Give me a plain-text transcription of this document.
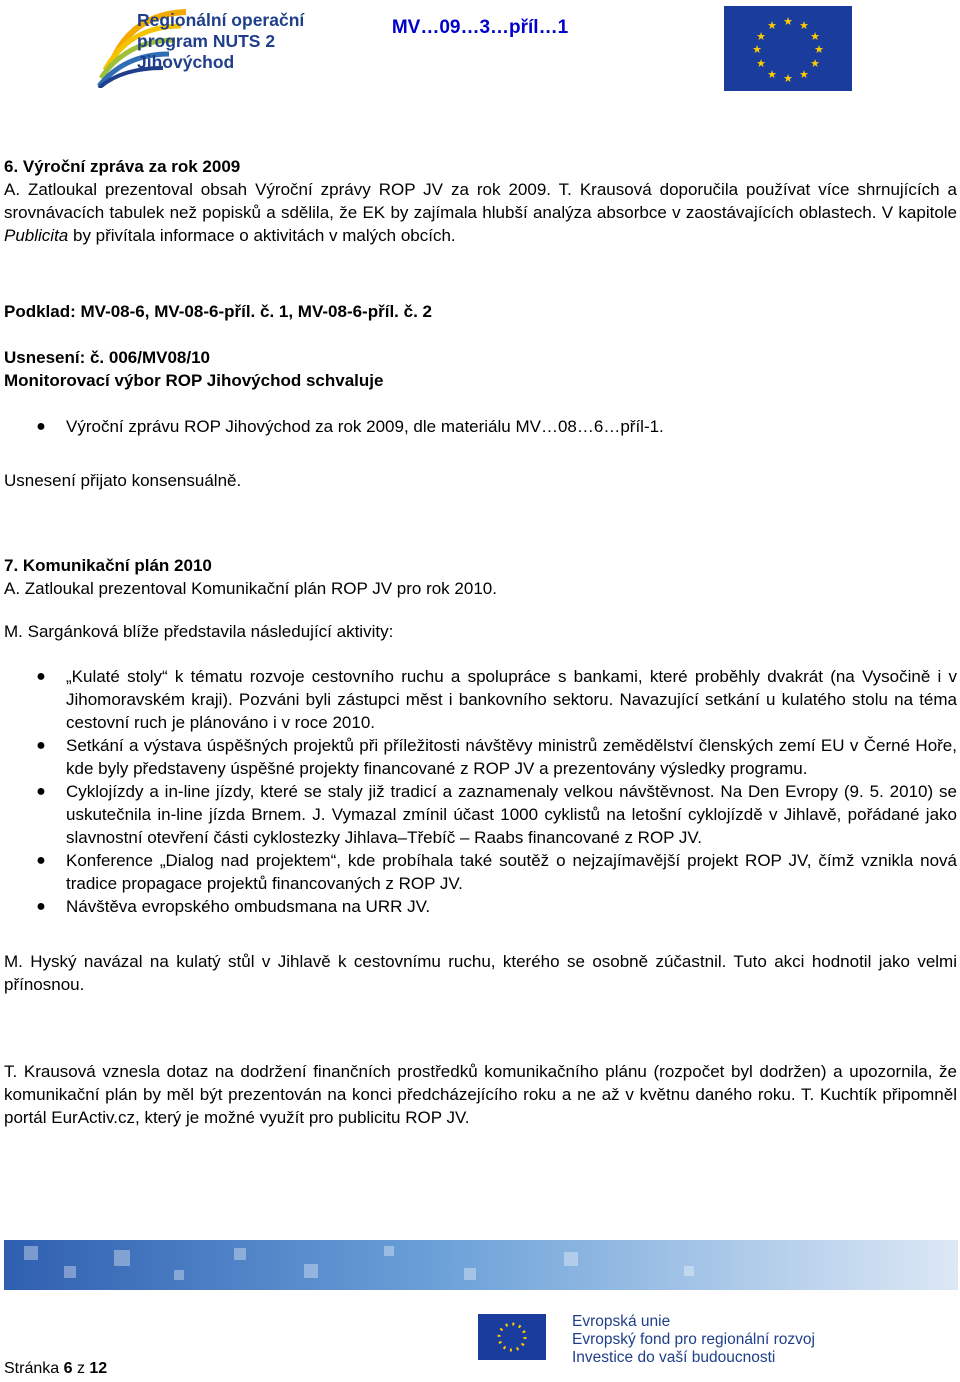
Regionální operační
program NUTS 2
Jihovýchod
MV…09…3…příl…1	★ ★
★
★
★
★
★
★
★
★
★
★

6. Výroční zpráva za rok 2009

A. Zatloukal prezentoval obsah Výroční zprávy ROP JV za rok 2009. T. Krausová doporučila používat více shrnujících a srovnávacích tabulek než popisků a sdělila, že EK by zajímala hlubší analýza absorbce v zaostávajících oblastech. V kapitole Publicita by přivítala informace o aktivitách v malých obcích.

Podklad: MV-08-6, MV-08-6-příl. č. 1, MV-08-6-příl. č. 2

Usnesení: č. 006/MV08/10

Monitorovací výbor ROP Jihovýchod schvaluje

● Výroční zprávu ROP Jihovýchod za rok 2009, dle materiálu MV…08…6…příl-1.

Usnesení přijato konsensuálně.

7. Komunikační plán 2010

A. Zatloukal prezentoval Komunikační plán ROP JV pro rok 2010.

M. Sargánková blíže představila následující aktivity:

● „Kulaté stoly“ k tématu rozvoje cestovního ruchu a spolupráce s bankami, které proběhly dvakrát (na Vysočině i v Jihomoravském kraji). Pozváni byli zástupci měst i bankovního sektoru. Navazující setkání u kulatého stolu na téma cestovní ruch je plánováno i v roce 2010.
● Setkání a výstava úspěšných projektů při příležitosti návštěvy ministrů zemědělství členských zemí EU v Černé Hoře, kde byly představeny úspěšné projekty financované z ROP JV a prezentovány výsledky programu.
● Cyklojízdy a in-line jízdy, které se staly již tradicí a zaznamenaly velkou návštěvnost. Na Den Evropy (9. 5. 2010) se uskutečnila in-line jízda Brnem. J. Vymazal zmínil účast 1000 cyklistů na letošní cyklojízdě v Jihlavě, pořádané jako slavnostní otevření části cyklostezky Jihlava–Třebíč – Raabs financované z ROP JV.
● Konference „Dialog nad projektem“, kde probíhala také soutěž o nejzajímavější projekt ROP JV, čímž vznikla nová tradice propagace projektů financovaných z ROP JV.
● Návštěva evropského ombudsmana na URR JV.

M. Hyský navázal na kulatý stůl v Jihlavě k cestovnímu ruchu, kterého se osobně zúčastnil. Tuto akci hodnotil jako velmi přínosnou.

T. Krausová vznesla dotaz na dodržení finančních prostředků komunikačního plánu (rozpočet byl dodržen) a upozornila, že komunikační plán by měl být prezentován na konci předcházejícího roku a ne až v květnu daného roku. T. Kuchtík připomněl portál EurActiv.cz, který je možné využít pro publicitu ROP JV.

Evropská unie
Evropský fond pro regionální rozvoj
Investice do vaší budoucnosti
Stránka 6 z 12
